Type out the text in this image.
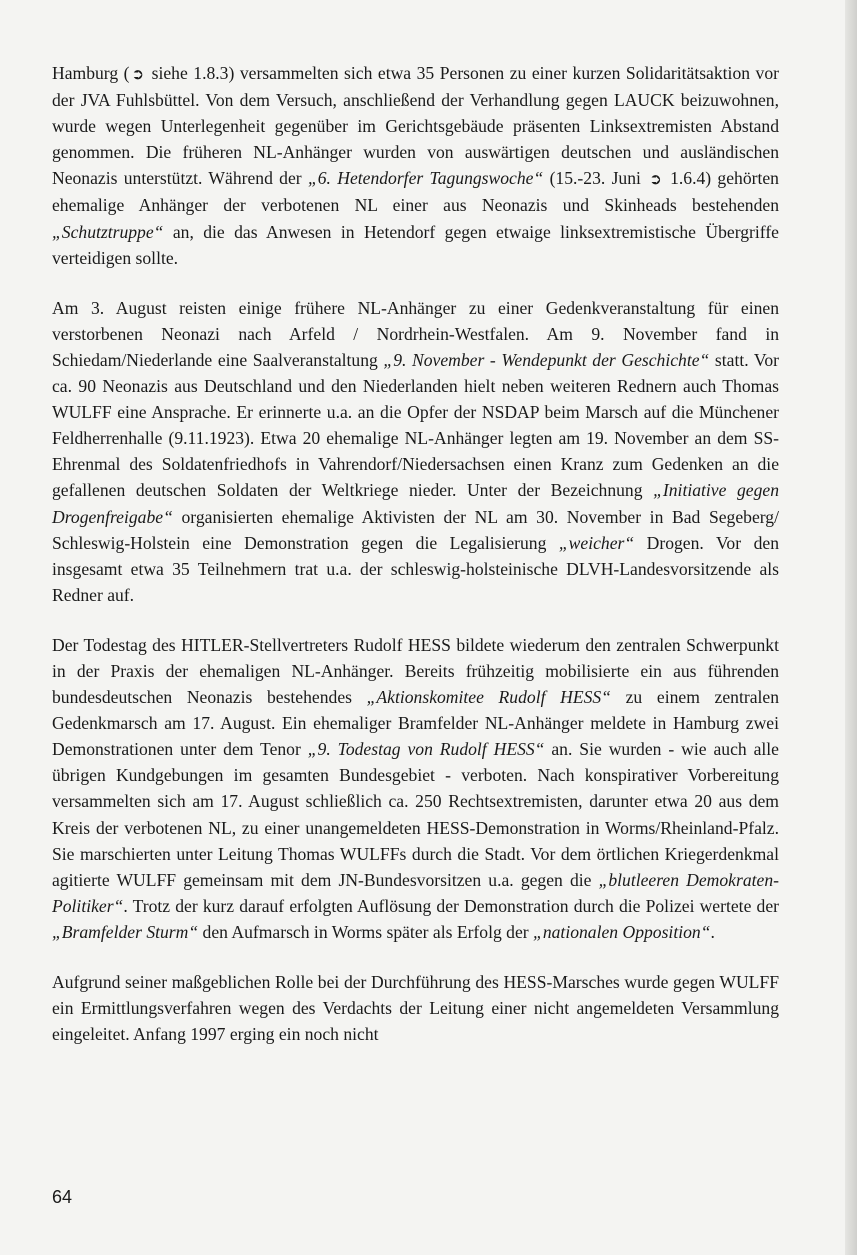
Hamburg ( ➲ siehe 1.8.3) versammelten sich etwa 35 Personen zu einer kurzen Solidaritätsaktion vor der JVA Fuhlsbüttel. Von dem Versuch, anschließend der Verhandlung gegen LAUCK beizuwohnen, wurde wegen Unterlegenheit gegenüber im Gerichtsgebäude präsenten Linksextremisten Abstand genommen. Die früheren NL-Anhänger wurden von auswärtigen deutschen und ausländischen Neonazis unterstützt. Während der „6. Hetendorfer Tagungswoche“ (15.-23. Juni ➲ 1.6.4) gehörten ehemalige Anhänger der verbotenen NL einer aus Neonazis und Skinheads bestehenden „Schutztruppe“ an, die das Anwesen in Hetendorf gegen etwaige linksextremistische Übergriffe verteidigen sollte.

Am 3. August reisten einige frühere NL-Anhänger zu einer Gedenkveranstaltung für einen verstorbenen Neonazi nach Arfeld / Nordrhein-Westfalen. Am 9. November fand in Schiedam/Niederlande eine Saalveranstaltung „9. November - Wendepunkt der Geschichte“ statt. Vor ca. 90 Neonazis aus Deutschland und den Niederlanden hielt neben weiteren Rednern auch Thomas WULFF eine Ansprache. Er erinnerte u.a. an die Opfer der NSDAP beim Marsch auf die Münchener Feldherrenhalle (9.11.1923). Etwa 20 ehemalige NL-Anhänger legten am 19. November an dem SS-Ehrenmal des Soldatenfriedhofs in Vahrendorf/Niedersachsen einen Kranz zum Gedenken an die gefallenen deutschen Soldaten der Weltkriege nieder. Unter der Bezeichnung „Initiative gegen Drogenfreigabe“ organisierten ehemalige Aktivisten der NL am 30. November in Bad Segeberg/ Schleswig-Holstein eine Demonstration gegen die Legalisierung „weicher“ Drogen. Vor den insgesamt etwa 35 Teilnehmern trat u.a. der schleswig-holsteinische DLVH-Landesvorsitzende als Redner auf.

Der Todestag des HITLER-Stellvertreters Rudolf HESS bildete wiederum den zentralen Schwerpunkt in der Praxis der ehemaligen NL-Anhänger. Bereits frühzeitig mobilisierte ein aus führenden bundesdeutschen Neonazis bestehendes „Aktionskomitee Rudolf HESS“ zu einem zentralen Gedenkmarsch am 17. August. Ein ehemaliger Bramfelder NL-Anhänger meldete in Hamburg zwei Demonstrationen unter dem Tenor „9. Todestag von Rudolf HESS“ an. Sie wurden - wie auch alle übrigen Kundgebungen im gesamten Bundesgebiet - verboten. Nach konspirativer Vorbereitung versammelten sich am 17. August schließlich ca. 250 Rechtsextremisten, darunter etwa 20 aus dem Kreis der verbotenen NL, zu einer unangemeldeten HESS-Demonstration in Worms/Rheinland-Pfalz. Sie marschierten unter Leitung Thomas WULFFs durch die Stadt. Vor dem örtlichen Kriegerdenkmal agitierte WULFF gemeinsam mit dem JN-Bundesvorsitzen u.a. gegen die „blutleeren Demokraten-Politiker“. Trotz der kurz darauf erfolgten Auflösung der Demonstration durch die Polizei wertete der „Bramfelder Sturm“ den Aufmarsch in Worms später als Erfolg der „nationalen Opposition“.

Aufgrund seiner maßgeblichen Rolle bei der Durchführung des HESS-Marsches wurde gegen WULFF ein Ermittlungsverfahren wegen des Verdachts der Leitung einer nicht angemeldeten Versammlung eingeleitet. Anfang 1997 erging ein noch nicht

64
